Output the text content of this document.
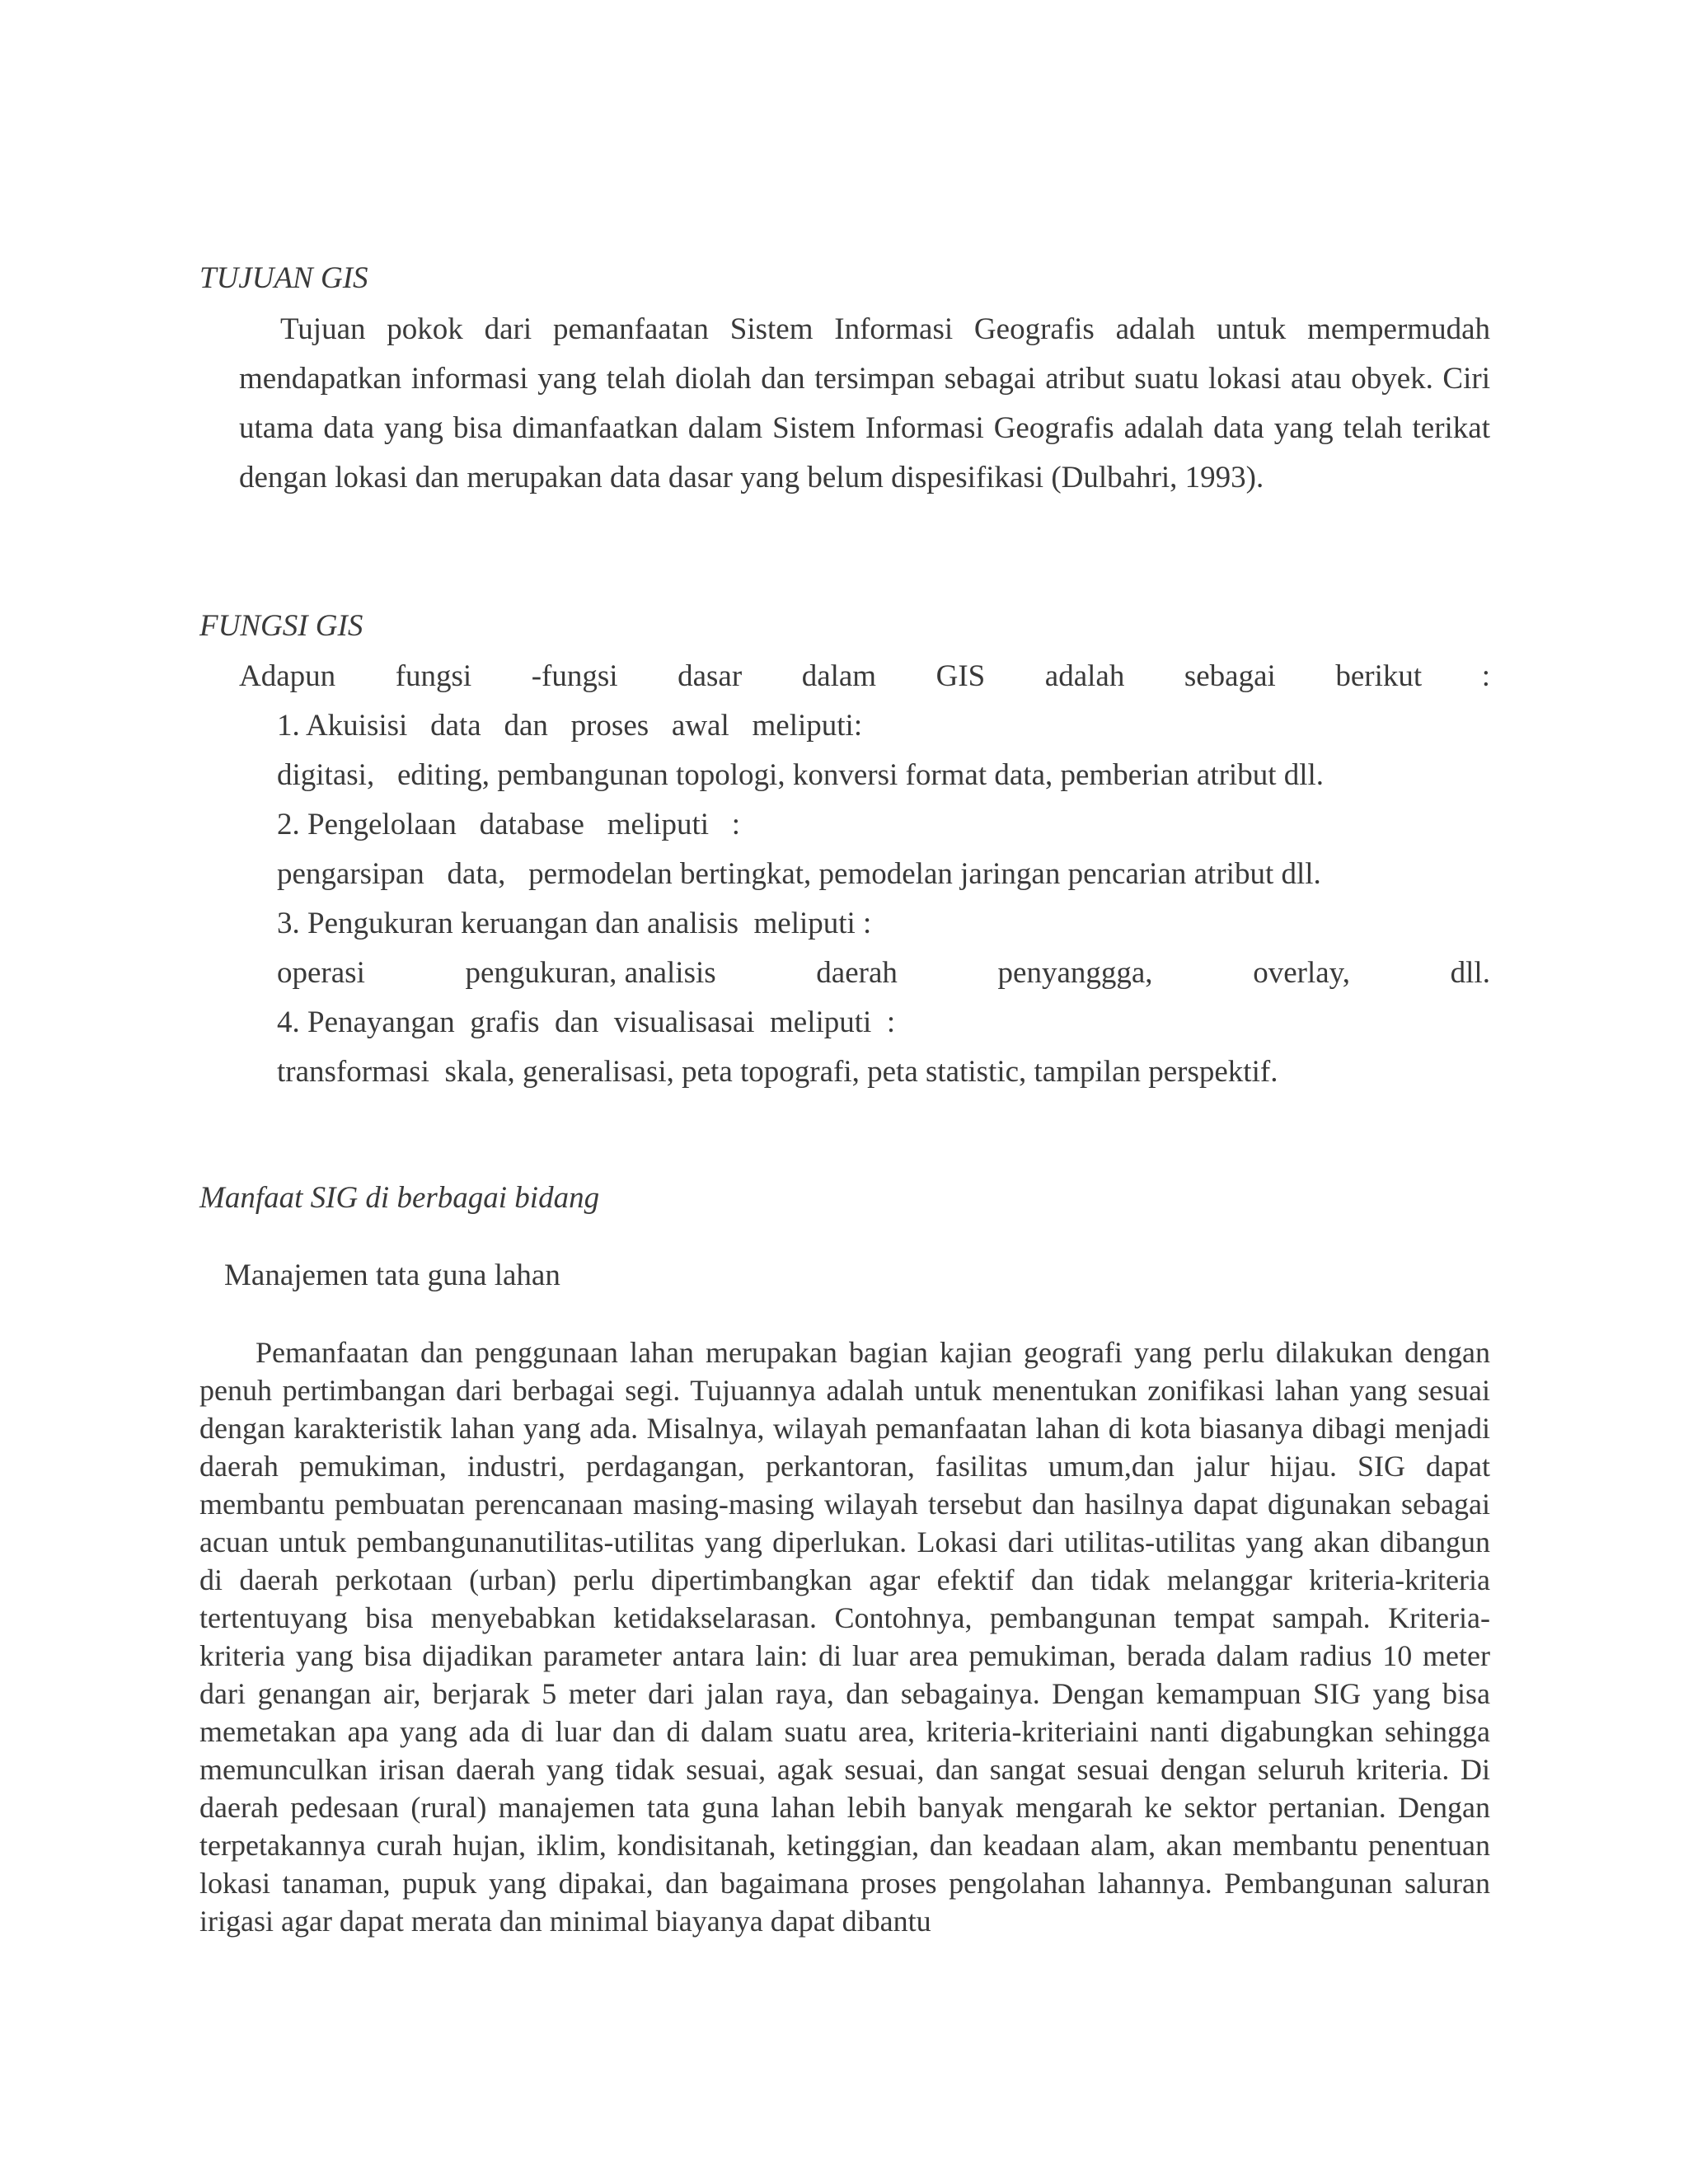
TUJUAN GIS

Tujuan pokok dari pemanfaatan Sistem Informasi Geografis adalah untuk mempermudah mendapatkan informasi yang telah diolah dan tersimpan sebagai atribut suatu lokasi atau obyek. Ciri utama data yang bisa dimanfaatkan dalam Sistem Informasi Geografis adalah data yang telah terikat dengan lokasi dan merupakan data dasar yang belum dispesifikasi (Dulbahri, 1993).

FUNGSI GIS
Adapun fungsi -fungsi dasar dalam GIS adalah sebagai berikut :
1. Akuisisi   data   dan   proses   awal   meliputi:
digitasi,   editing, pembangunan topologi, konversi format data, pemberian atribut dll.
2. Pengelolaan   database   meliputi   :
pengarsipan   data,   permodelan bertingkat, pemodelan jaringan pencarian atribut dll.
3. Pengukuran keruangan dan analisis  meliputi :
operasi	pengukuran, analisis	daerah	penyanggga,	overlay,	dll.
4. Penayangan  grafis  dan  visualisasai  meliputi  :
transformasi  skala, generalisasi, peta topografi, peta statistic, tampilan perspektif.
Manfaat SIG di berbagai bidang
Manajemen tata guna lahan

Pemanfaatan dan penggunaan lahan merupakan bagian kajian geografi yang perlu dilakukan dengan penuh pertimbangan dari berbagai segi. Tujuannya adalah untuk menentukan zonifikasi lahan yang sesuai dengan karakteristik lahan yang ada. Misalnya, wilayah pemanfaatan lahan di kota biasanya dibagi menjadi daerah pemukiman, industri, perdagangan, perkantoran, fasilitas umum,dan jalur hijau. SIG dapat membantu pembuatan perencanaan masing-masing wilayah tersebut dan hasilnya dapat digunakan sebagai acuan untuk pembangunanutilitas-utilitas yang diperlukan. Lokasi dari utilitas-utilitas yang akan dibangun di daerah perkotaan (urban) perlu dipertimbangkan agar efektif dan tidak melanggar kriteria-kriteria tertentuyang bisa menyebabkan ketidakselarasan. Contohnya, pembangunan tempat sampah. Kriteria-kriteria yang bisa dijadikan parameter antara lain: di luar area pemukiman, berada dalam radius 10 meter dari genangan air, berjarak 5 meter dari jalan raya, dan sebagainya. Dengan kemampuan SIG yang bisa memetakan apa yang ada di luar dan di dalam suatu area, kriteria-kriteriaini nanti digabungkan sehingga memunculkan irisan daerah yang tidak sesuai, agak sesuai, dan sangat sesuai dengan seluruh kriteria. Di daerah pedesaan (rural) manajemen tata guna lahan lebih banyak mengarah ke sektor pertanian. Dengan terpetakannya curah hujan, iklim, kondisitanah, ketinggian, dan keadaan alam, akan membantu penentuan lokasi tanaman, pupuk yang dipakai, dan bagaimana proses pengolahan lahannya. Pembangunan saluran irigasi agar dapat merata dan minimal biayanya dapat dibantu
